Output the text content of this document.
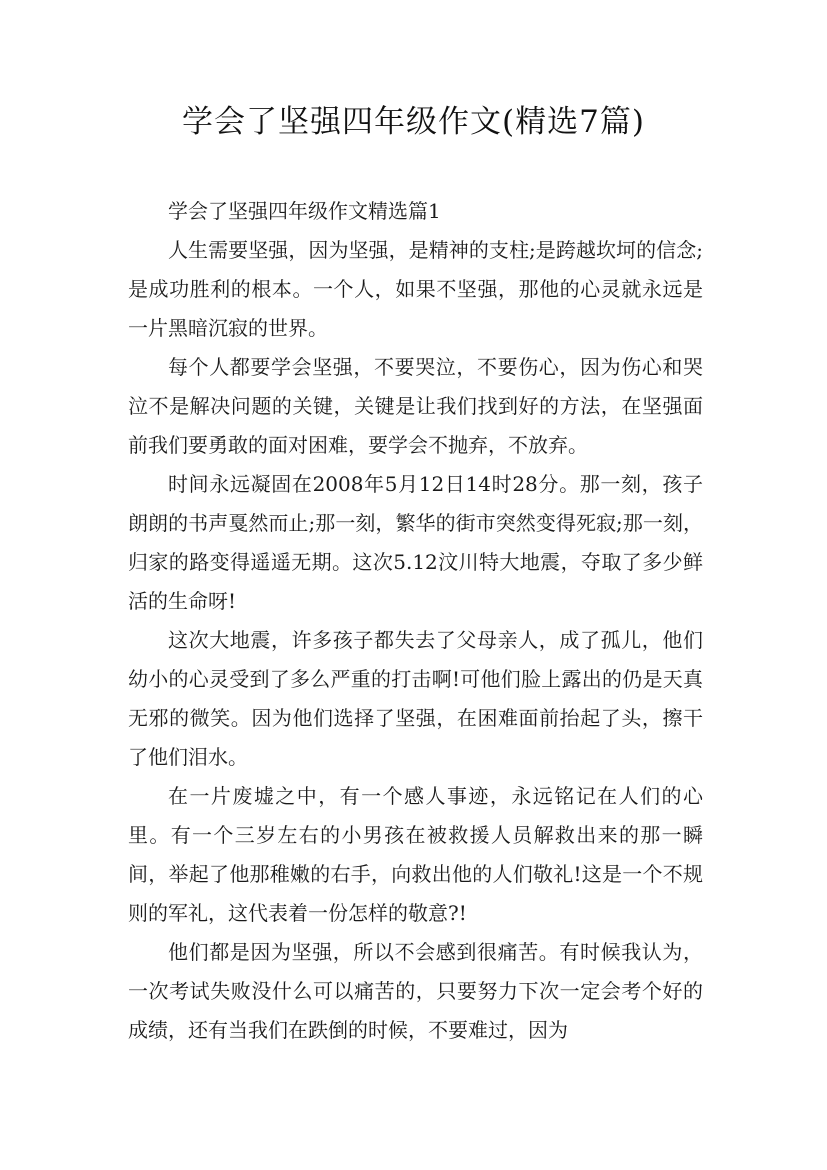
学会了坚强四年级作文(精选7篇)

学会了坚强四年级作文精选篇1

人生需要坚强，因为坚强，是精神的支柱;是跨越坎坷的信念;是成功胜利的根本。一个人，如果不坚强，那他的心灵就永远是一片黑暗沉寂的世界。

每个人都要学会坚强，不要哭泣，不要伤心，因为伤心和哭泣不是解决问题的关键，关键是让我们找到好的方法，在坚强面前我们要勇敢的面对困难，要学会不抛弃，不放弃。

时间永远凝固在2008年5月12日14时28分。那一刻，孩子朗朗的书声戛然而止;那一刻，繁华的街市突然变得死寂;那一刻，归家的路变得遥遥无期。这次5.12汶川特大地震，夺取了多少鲜活的生命呀!

这次大地震，许多孩子都失去了父母亲人，成了孤儿，他们幼小的心灵受到了多么严重的打击啊!可他们脸上露出的仍是天真无邪的微笑。因为他们选择了坚强，在困难面前抬起了头，擦干了他们泪水。

在一片废墟之中，有一个感人事迹，永远铭记在人们的心里。有一个三岁左右的小男孩在被救援人员解救出来的那一瞬间，举起了他那稚嫩的右手，向救出他的人们敬礼!这是一个不规则的军礼，这代表着一份怎样的敬意?!

他们都是因为坚强，所以不会感到很痛苦。有时候我认为，一次考试失败没什么可以痛苦的，只要努力下次一定会考个好的成绩，还有当我们在跌倒的时候，不要难过，因为
